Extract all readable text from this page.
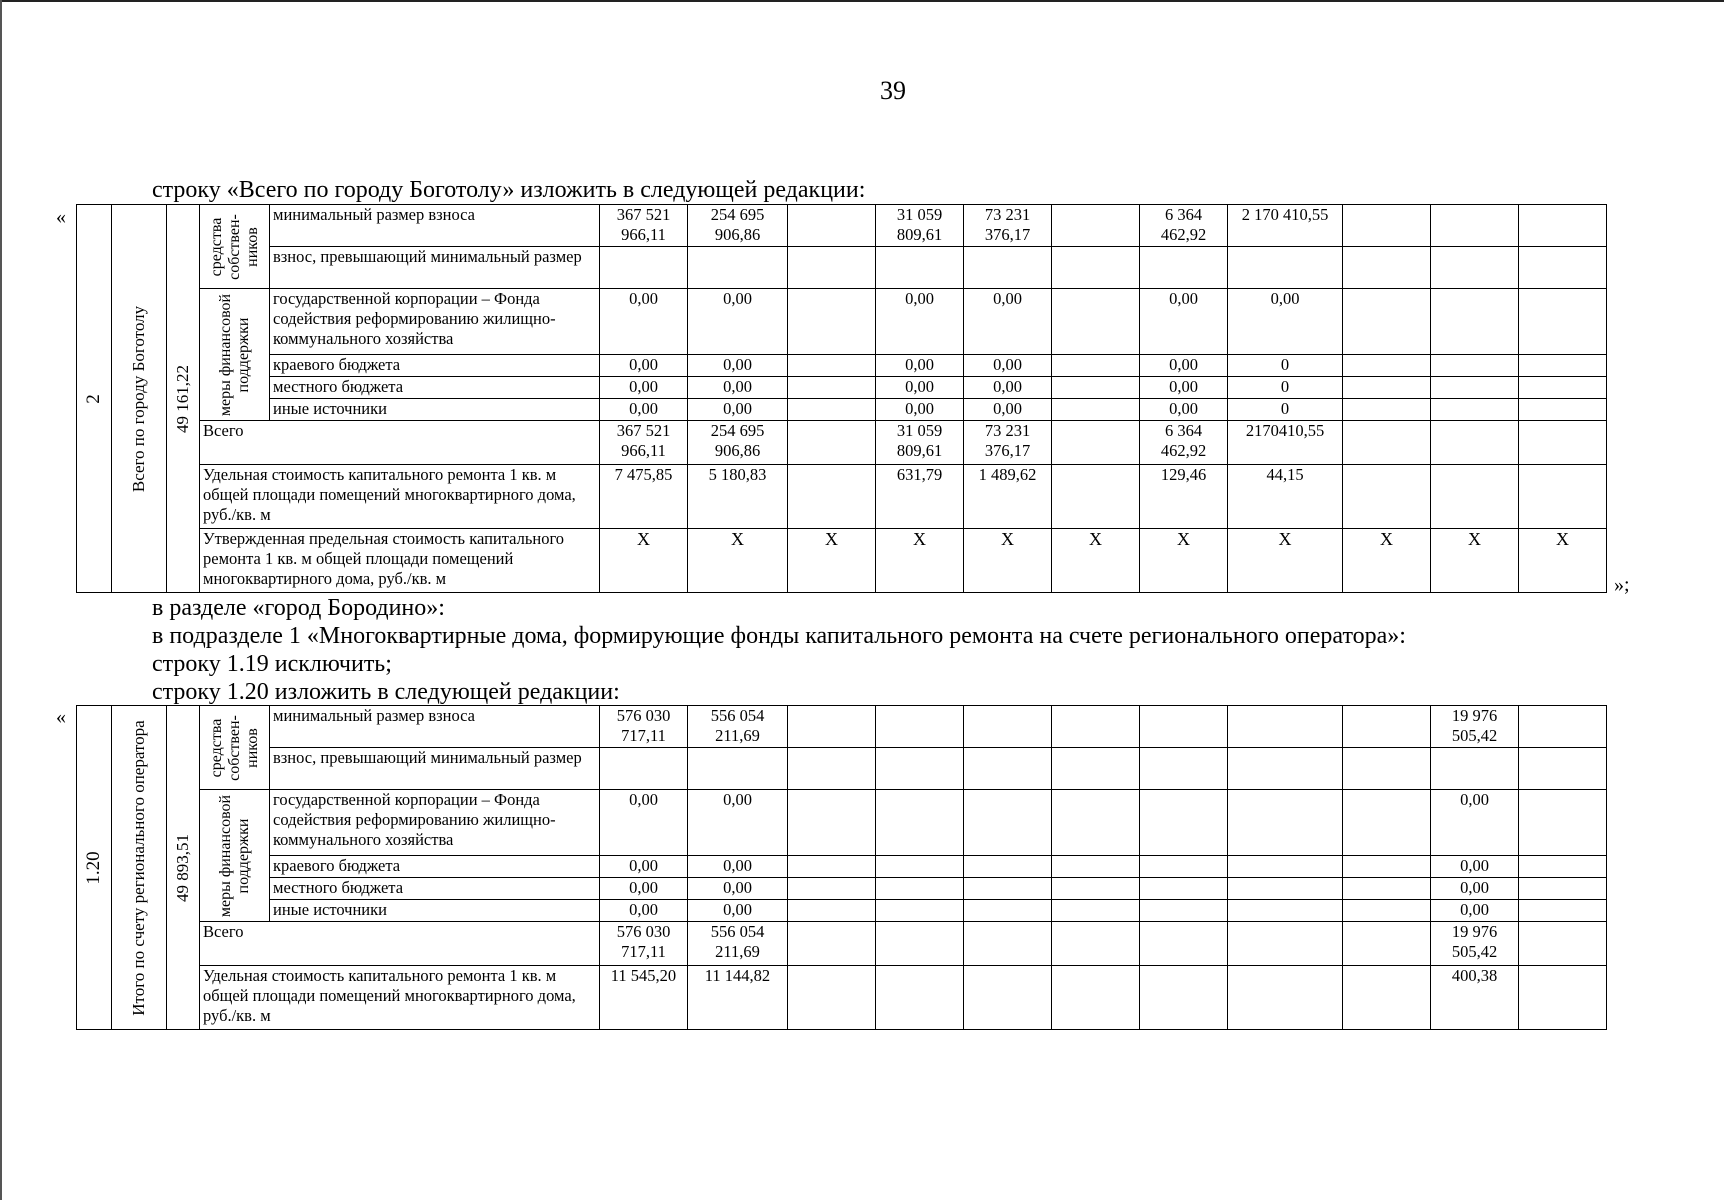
39
строку «Всего по городу Боготолу» изложить в следующей редакции:
«
»;
2	Всего по городу Боготолу	49 161,22	средства собствен- ников	минимальный размер взноса	367 521 966,11	254 695 906,86		31 059 809,61	73 231 376,17		6 364 462,92	2 170 410,55			
				взнос, превышающий минимальный размер											

			меры финансовой поддержки	государственной корпорации – Фонда содействия реформированию жилищно-коммунального хозяйства	0,00	0,00		0,00	0,00		0,00	0,00			
				краевого бюджета	0,00	0,00		0,00	0,00		0,00	0			
				местного бюджета	0,00	0,00		0,00	0,00		0,00	0			
				иные источники	0,00	0,00		0,00	0,00		0,00	0			
			Всего		367 521 966,11	254 695 906,86		31 059 809,61	73 231 376,17		6 364 462,92	2170410,55			
			Удельная стоимость капитального ремонта 1 кв. м общей площади помещений многоквартирного дома, руб./кв. м		7 475,85	5 180,83		631,79	1 489,62		129,46	44,15			
			Утвержденная предельная стоимость капитального ремонта 1 кв. м общей площади помещений многоквартирного дома, руб./кв. м		X	X	X	X	X	X	X	X	X	X	X
в разделе «город Бородино»:
в подразделе 1 «Многоквартирные дома, формирующие фонды капитального ремонта на счете регионального оператора»:
строку 1.19 исключить;
строку 1.20 изложить в следующей редакции:
«
1.20	Итого по счету регионального оператора	49 893,51	средства собствен- ников	минимальный размер взноса	576 030 717,11	556 054 211,69								19 976 505,42	
				взнос, превышающий минимальный размер											

			меры финансовой поддержки	государственной корпорации – Фонда содействия реформированию жилищно-коммунального хозяйства	0,00	0,00								0,00	
				краевого бюджета	0,00	0,00								0,00	
				местного бюджета	0,00	0,00								0,00	
				иные источники	0,00	0,00								0,00	
			Всего		576 030 717,11	556 054 211,69								19 976 505,42	
			Удельная стоимость капитального ремонта 1 кв. м общей площади помещений многоквартирного дома, руб./кв. м		11 545,20	11 144,82								400,38	
